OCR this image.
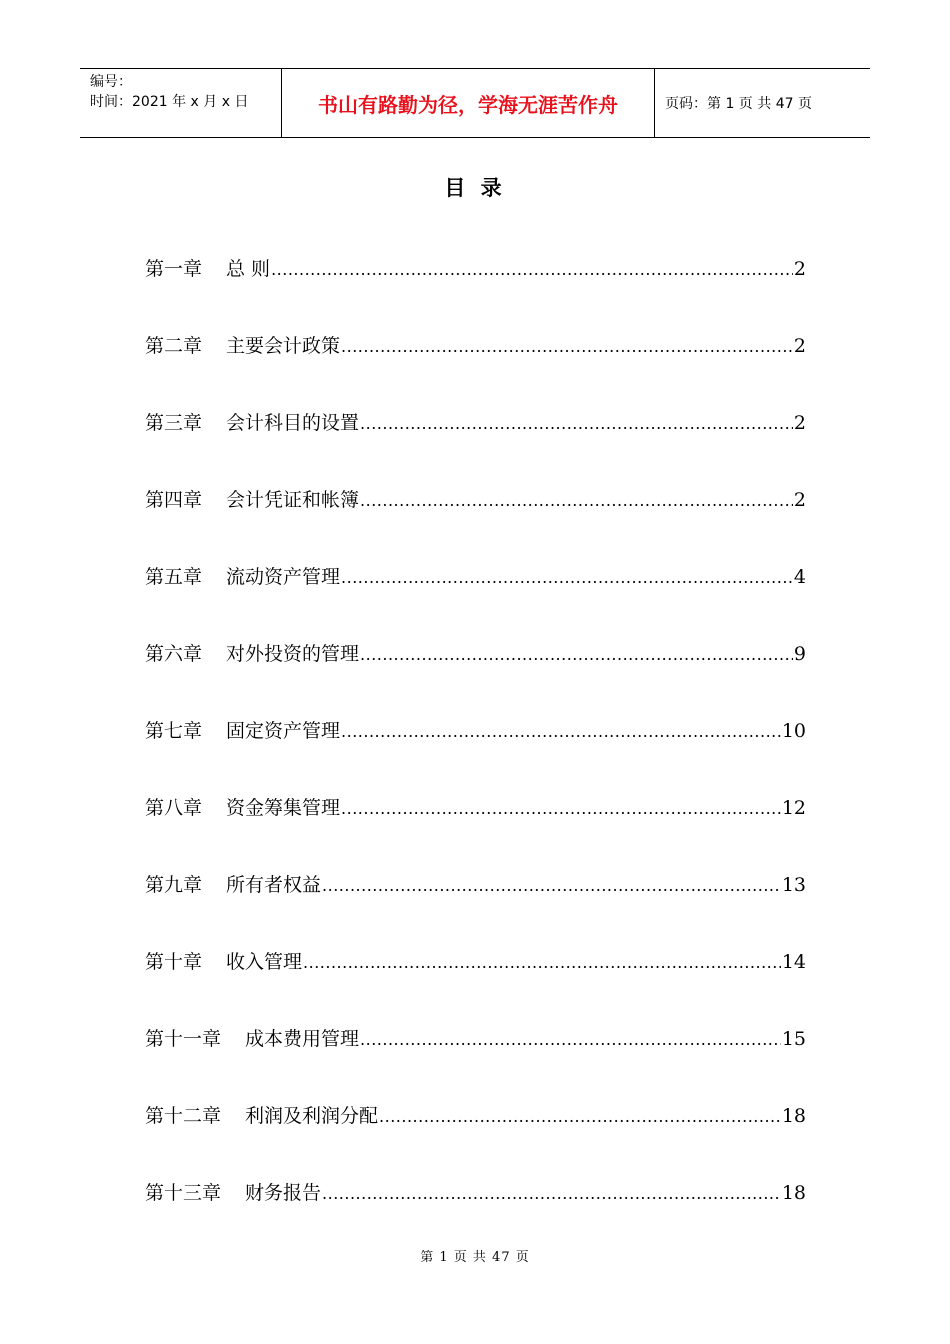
编号：
时间：2021 年 x 月 x 日	书山有路勤为径，学海无涯苦作舟	页码：第 1 页 共 47 页
目 录
第一章 总 则 .....	2
第二章 主要会计政策 .....	2
第三章 会计科目的设置 .....	2
第四章 会计凭证和帐簿 .....	2
第五章 流动资产管理 .....	4
第六章 对外投资的管理 .....	9
第七章 固定资产管理 .....	10
第八章 资金筹集管理 .....	12
第九章 所有者权益 .....	13
第十章 收入管理 .....	14
第十一章 成本费用管理 .....	15
第十二章 利润及利润分配 .....	18
第十三章 财务报告 .....	18
第 1 页 共 47 页
